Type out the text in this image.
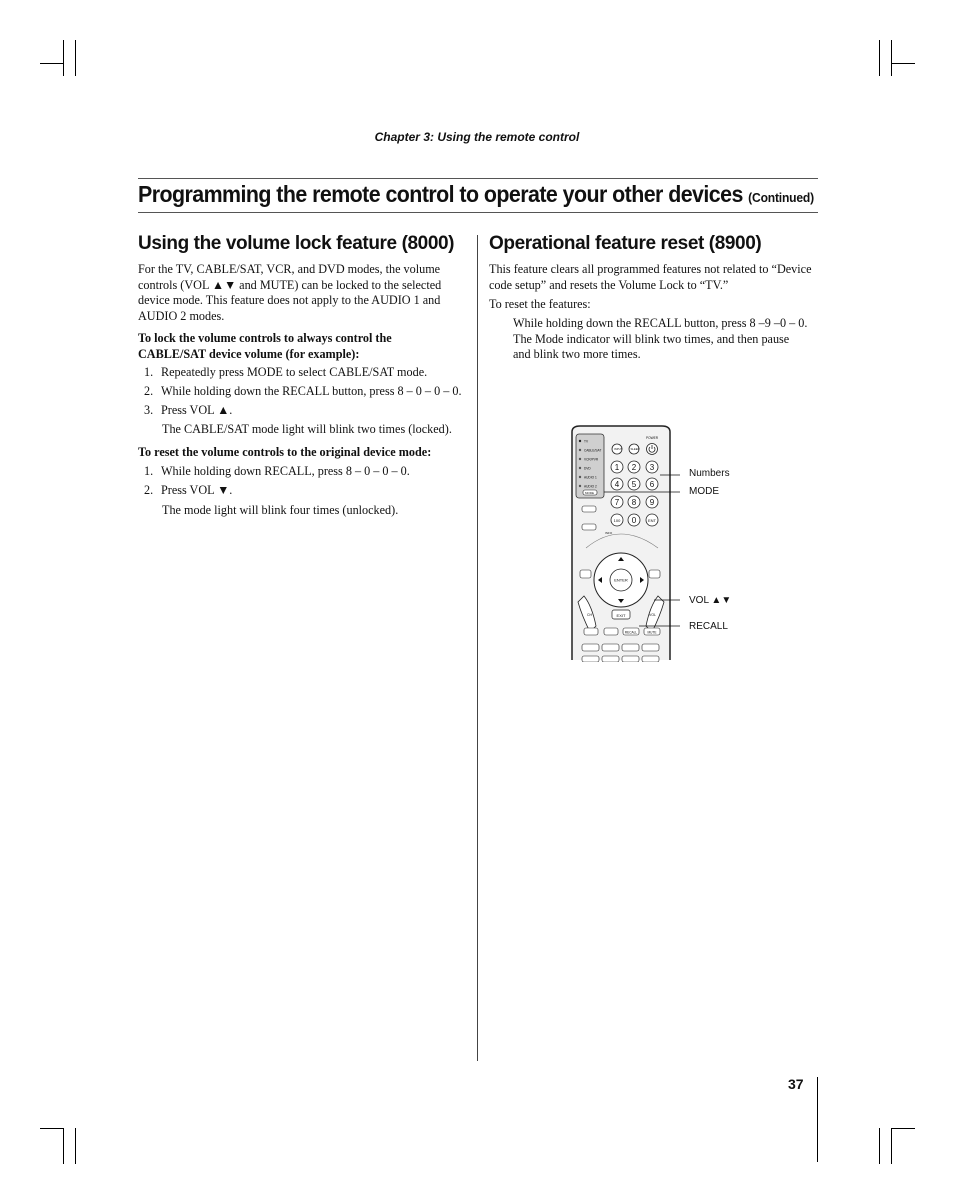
Chapter 3: Using the remote control
Programming the remote control to operate your other devices (Continued)
Using the volume lock feature (8000)
For the TV, CABLE/SAT, VCR, and DVD modes, the volume
controls (VOL ▲▼ and MUTE) can be locked to the selected
device mode. This feature does not apply to the AUDIO 1 and
AUDIO 2 modes.
To lock the volume controls to always control the
CABLE/SAT device volume (for example):
1. Repeatedly press MODE to select CABLE/SAT mode.
2. While holding down the RECALL button, press 8 – 0 – 0 – 0.
3. Press VOL ▲.
The CABLE/SAT mode light will blink two times (locked).
To reset the volume controls to the original device mode:
1. While holding down RECALL, press 8 – 0 – 0 – 0.
2. Press VOL ▼.
The mode light will blink four times (unlocked).
Operational feature reset (8900)
This feature clears all programmed features not related to “Device
code setup” and resets the Volume Lock to “TV.”
To reset the features:
While holding down the RECALL button, press 8 –9 –0 – 0.
The Mode indicator will blink two times, and then pause
and blink two more times.
TV
CABLE/SAT
VCR/PVR
DVD
AUDIO 1
AUDIO 2
MODE
POWER
INPUT	SLEEP
1 2 3
4 5 6
7 8 9
100 0	ENT
INFO
ENTER
EXIT
CH	VOL
RECALL	MUTE
Numbers
MODE
VOL ▲▼
RECALL
37
